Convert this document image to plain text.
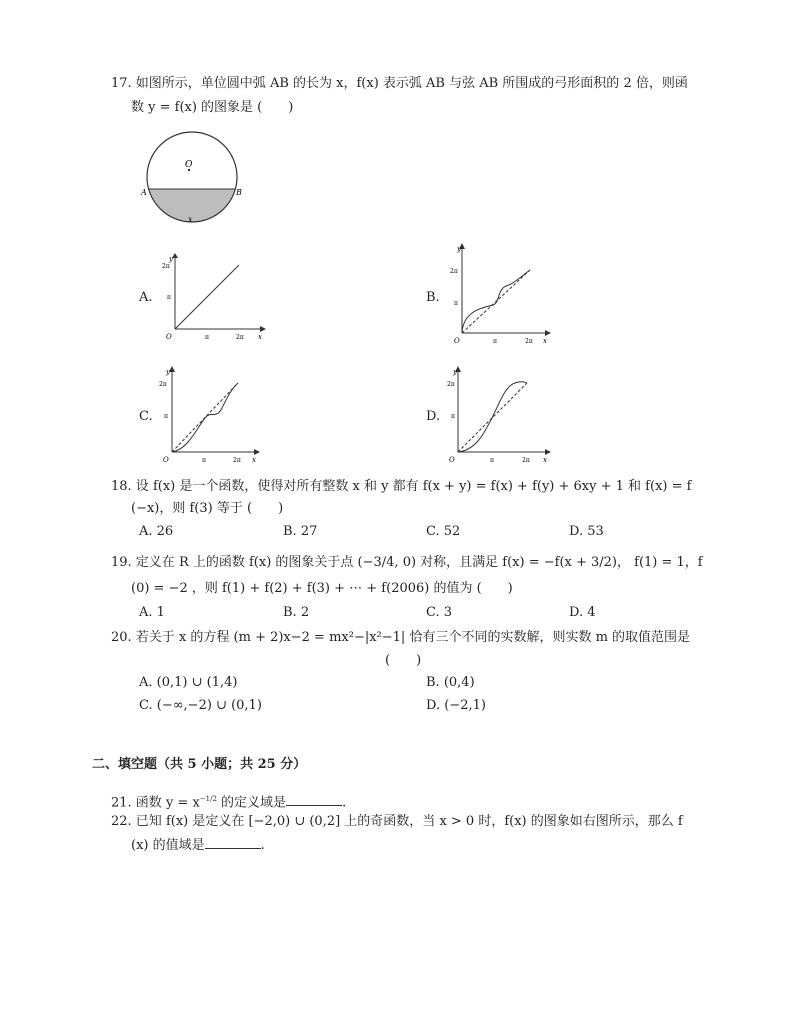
17. 如图所示，单位圆中弧 AB 的长为 x，f(x) 表示弧 AB 与弦 AB 所围成的弓形面积的 2 倍，则函
数 y = f(x) 的图象是 (　　)
O
A	B
x
A.
y
x
O
2π
π
π	2π
B.
y
x
O
2π
π
π	2π
C.
y
x
O
2π
π
π	2π
D.
y
x
O
2π
π
π	2π
18. 设 f(x) 是一个函数，使得对所有整数 x 和 y 都有 f(x + y) = f(x) + f(y) + 6xy + 1 和 f(x) = f
(−x)，则 f(3) 等于 (　　)
A. 26	B. 27	C. 52	D. 53
19. 定义在 R 上的函数 f(x) 的图象关于点 (−3/4, 0) 对称，且满足 f(x) = −f(x + 3/2)， f(1) = 1，f
(0) = −2 ，则 f(1) + f(2) + f(3) + ⋯ + f(2006) 的值为 (　　)
A. 1	B. 2	C. 3	D. 4
20. 若关于 x 的方程 (m + 2)x−2 = mx²−|x²−1| 恰有三个不同的实数解，则实数 m 的取值范围是
(　　)
A. (0,1) ∪ (1,4)	B. (0,4)
C. (−∞,−2) ∪ (0,1)	D. (−2,1)
二、填空题（共 5 小题；共 25 分）
21. 函数 $y = x^{-1/2}$ 的定义域是	.
22. 已知 f(x) 是定义在 [−2,0) ∪ (0,2] 上的奇函数，当 x > 0 时，f(x) 的图象如右图所示，那么 f
(x) 的值域是	.
